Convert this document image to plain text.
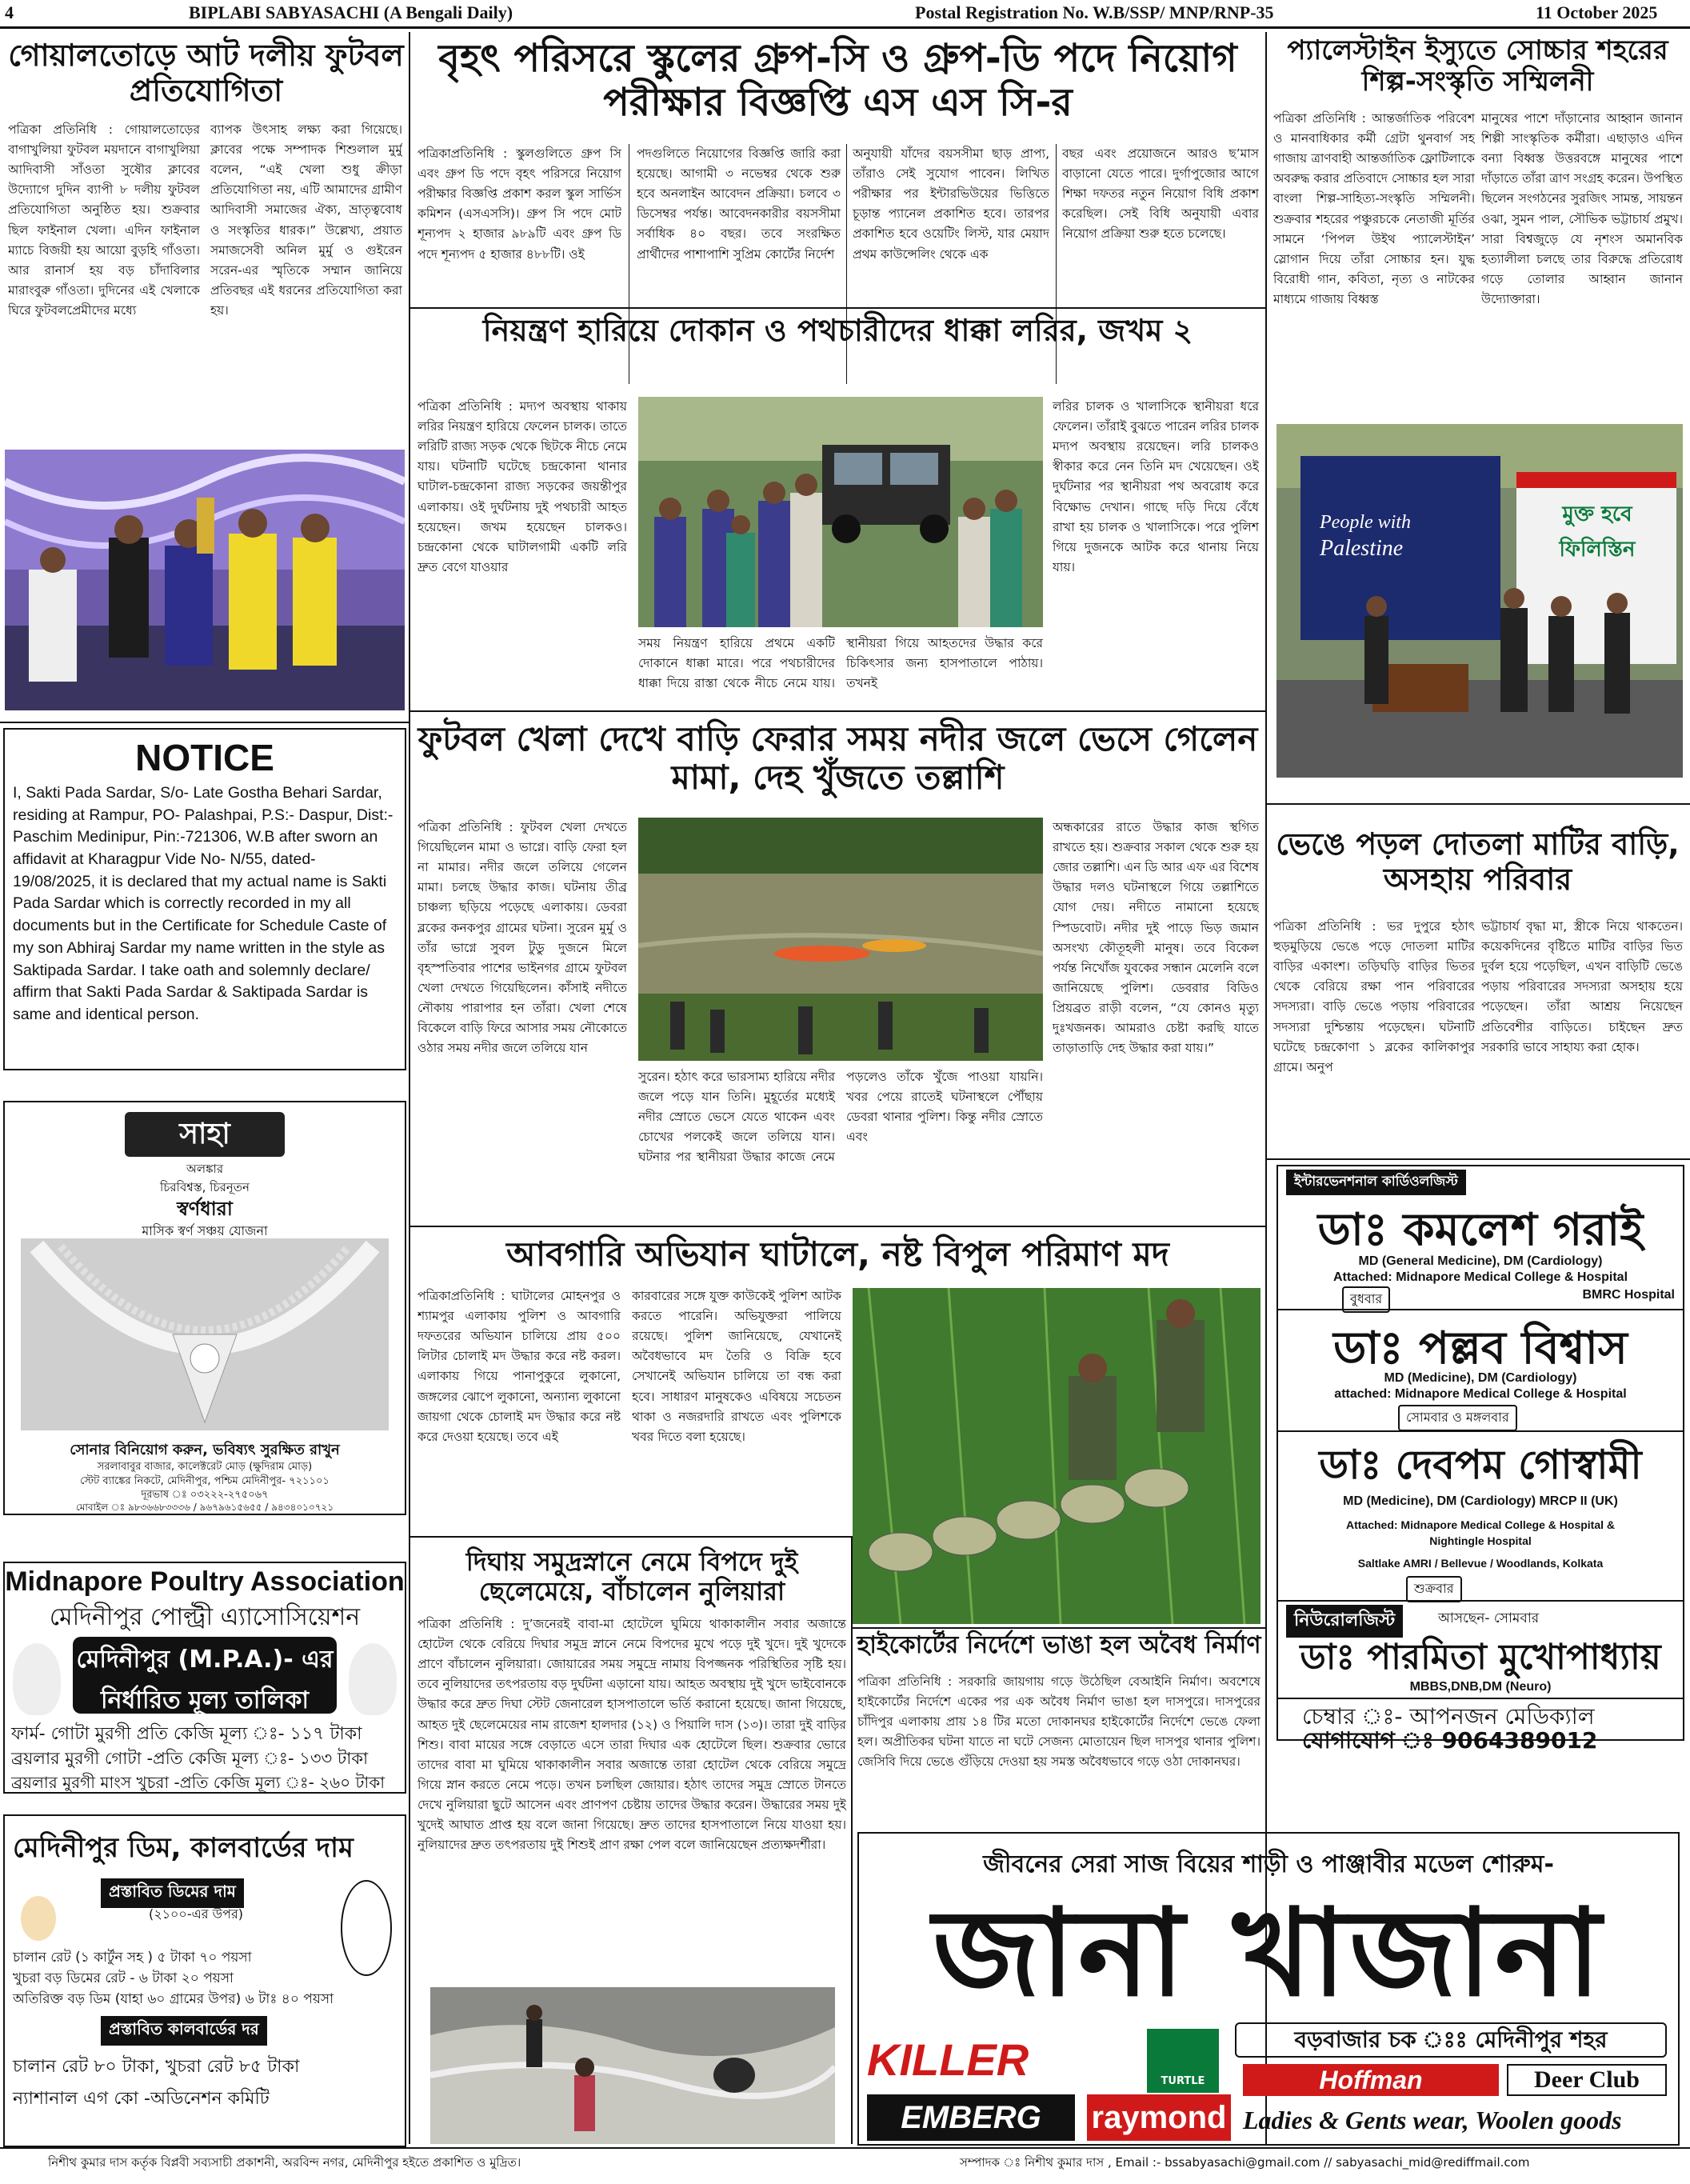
4	BIPLABI SABYASACHI (A Bengali Daily)	Postal Registration No. W.B/SSP/ MNP/RNP-35	11 October 2025
গোয়ালতোড়ে আট দলীয় ফুটবল প্রতিযোগিতা
পত্রিকা প্রতিনিধি : গোয়ালতোড়ের বাগাখুলিয়া ফুটবল ময়দানে বাগাখুলিয়া আদিবাসী সাঁওতা সুষৌর ক্লাবের উদ্যোগে দুদিন ব্যাপী ৮ দলীয় ফুটবল প্রতিযোগিতা অনুষ্ঠিত হয়। শুক্রবার ছিল ফাইনাল খেলা। এদিন ফাইনাল ম্যাচে বিজয়ী হয় আয়ো বুড়হি গাঁওতা। আর রানার্স হয় বড় চাঁদাবিলার মারাংবুরু গাঁওতা। দুদিনের এই খেলাকে ঘিরে ফুটবলপ্রেমীদের মধ্যে
ব্যাপক উৎসাহ লক্ষ্য করা গিয়েছে। ক্লাবের পক্ষে সম্পাদক শিশুলাল মুর্মু বলেন, “এই খেলা শুধু ক্রীড়া প্রতিযোগিতা নয়, এটি আমাদের গ্রামীণ আদিবাসী সমাজের ঐক্য, ভ্রাতৃত্ববোধ ও সংস্কৃতির ধারক।” উল্লেখ্য, প্রয়াত সমাজসেবী অনিল মুর্মু ও গুইরেন সরেন-এর স্মৃতিকে সম্মান জানিয়ে প্রতিবছর এই ধরনের প্রতিযোগিতা করা হয়।
NOTICE
I, Sakti Pada Sardar, S/o- Late Gostha Behari Sardar, residing at Rampur, PO- Palashpai, P.S:- Daspur, Dist:- Paschim Medinipur, Pin:-721306, W.B after sworn an affidavit at Kharagpur Vide No- N/55, dated-19/08/2025, it is declared that my actual name is Sakti Pada Sardar which is correctly recorded in my all documents but in the Certificate for Schedule Caste of my son Abhiraj Sardar my name written in the style as Saktipada Sardar. I take oath and solemnly declare/ affirm that Sakti Pada Sardar & Saktipada Sardar is same and identical person.
সাহা
অলঙ্কার
চিরবিশ্বস্ত, চিরনূতন
স্বর্ণধারা
মাসিক স্বর্ণ সঞ্চয় যোজনা
সোনার বিনিয়োগ করুন, ভবিষ্যৎ সুরক্ষিত রাখুন
সরলাবাবুর বাজার, কালেক্টরেট মোড় (ক্ষুদিরাম মোড়)
স্টেট ব্যাঙ্কের নিকটে, মেদিনীপুর, পশ্চিম মেদিনীপুর- ৭২১১০১
দূরভাষ ঃ ০৩২২২-২৭৫০৬৭
মোবাইল ঃ ৯৮৩৬৬৮৩৩৩৬ / ৯৬৭৯৬১৫৬৫৫ / ৯৪৩৪০১০৭২১
Midnapore Poultry Association
মেদিনীপুর পোল্ট্রী এ্যাসোসিয়েশন
মেদিনীপুর (M.P.A.)- এর
নির্ধারিত মূল্য তালিকা
ফার্ম- গোটা মুরগী প্রতি কেজি মূল্য ঃ- ১১৭ টাকা
ব্রয়লার মুরগী গোটা -প্রতি কেজি মূল্য ঃ- ১৩৩ টাকা
ব্রয়লার মুরগী মাংস খুচরা -প্রতি কেজি মূল্য ঃ- ২৬০ টাকা
মেদিনীপুর ডিম, কালবার্ডের দাম
প্রস্তাবিত ডিমের দাম
(২১০০-এর উপর)
চালান রেট (১ কার্টুন সহ ) ৫ টাকা ৭০ পয়সা
খুচরা বড় ডিমের রেট - ৬ টাকা ২০ পয়সা
অতিরিক্ত বড় ডিম (যাহা ৬০ গ্রামের উপর) ৬ টাঃ ৪০ পয়সা
প্রস্তাবিত কালবার্ডের দর
চালান রেট ৮০ টাকা, খুচরা রেট ৮৫ টাকা
ন্যাশানাল এগ কো -অডিনেশন কমিটি
বৃহৎ পরিসরে স্কুলের গ্রুপ-সি ও গ্রুপ-ডি পদে নিয়োগ পরীক্ষার বিজ্ঞপ্তি এস এস সি-র
পত্রিকাপ্রতিনিধি : স্কুলগুলিতে গ্রুপ সি এবং গ্রুপ ডি পদে বৃহৎ পরিসরে নিয়োগ পরীক্ষার বিজ্ঞপ্তি প্রকাশ করল স্কুল সার্ভিস কমিশন (এসএসসি)। গ্রুপ সি পদে মোট শূন্যপদ ২ হাজার ৯৮৯টি এবং গ্রুপ ডি পদে শূন্যপদ ৫ হাজার ৪৮৮টি। ওই
পদগুলিতে নিয়োগের বিজ্ঞপ্তি জারি করা হয়েছে। আগামী ৩ নভেম্বর থেকে শুরু হবে অনলাইন আবেদন প্রক্রিয়া। চলবে ৩ ডিসেম্বর পর্যন্ত। আবেদনকারীর বয়সসীমা সর্বাধিক ৪০ বছর। তবে সংরক্ষিত প্রার্থীদের পাশাপাশি সুপ্রিম কোর্টের নির্দেশ
অনুযায়ী যাঁদের বয়সসীমা ছাড় প্রাপ্য, তাঁরাও সেই সুযোগ পাবেন। লিখিত পরীক্ষার পর ইন্টারভিউয়ের ভিত্তিতে চূড়ান্ত প্যানেল প্রকাশিত হবে। তারপর প্রকাশিত হবে ওয়েটিং লিস্ট, যার মেয়াদ প্রথম কাউন্সেলিং থেকে এক
বছর এবং প্রয়োজনে আরও ছ’মাস বাড়ানো যেতে পারে। দুর্গাপুজোর আগে শিক্ষা দফতর নতুন নিয়োগ বিধি প্রকাশ করেছিল। সেই বিধি অনুযায়ী এবার নিয়োগ প্রক্রিয়া শুরু হতে চলেছে।
নিয়ন্ত্রণ হারিয়ে দোকান ও পথচারীদের ধাক্কা লরির, জখম ২
পত্রিকা প্রতিনিধি : মদ্যপ অবস্থায় থাকায় লরির নিয়ন্ত্রণ হারিয়ে ফেলেন চালক। তাতে লরিটি রাজ্য সড়ক থেকে ছিটকে নীচে নেমে যায়। ঘটনাটি ঘটেছে চন্দ্রকোনা থানার ঘাটাল-চন্দ্রকোনা রাজ্য সড়কের জয়ন্তীপুর এলাকায়। ওই দুর্ঘটনায় দুই পথচারী আহত হয়েছেন। জখম হয়েছেন চালকও। চন্দ্রকোনা থেকে ঘাটালগামী একটি লরি দ্রুত বেগে যাওয়ার
সময় নিয়ন্ত্রণ হারিয়ে প্রথমে একটি দোকানে ধাক্কা মারে। পরে পথচারীদের ধাক্কা দিয়ে রাস্তা থেকে নীচে নেমে যায়। স্থানীয়রা গিয়ে আহতদের উদ্ধার করে চিকিৎসার জন্য হাসপাতালে পাঠায়। তখনই
লরির চালক ও খালাসিকে স্থানীয়রা ধরে ফেলেন। তাঁরাই বুঝতে পারেন লরির চালক মদ্যপ অবস্থায় রয়েছেন। লরি চালকও স্বীকার করে নেন তিনি মদ খেয়েছেন। ওই দুর্ঘটনার পর স্থানীয়রা পথ অবরোধ করে বিক্ষোভ দেখান। গাছে দড়ি দিয়ে বেঁধে রাখা হয় চালক ও খালাসিকে। পরে পুলিশ গিয়ে দুজনকে আটক করে থানায় নিয়ে যায়।
ফুটবল খেলা দেখে বাড়ি ফেরার সময় নদীর জলে ভেসে গেলেন মামা, দেহ খুঁজতে তল্লাশি
পত্রিকা প্রতিনিধি : ফুটবল খেলা দেখতে গিয়েছিলেন মামা ও ভাগ্নে। বাড়ি ফেরা হল না মামার। নদীর জলে তলিয়ে গেলেন মামা। চলছে উদ্ধার কাজ। ঘটনায় তীব্র চাঞ্চল্য ছড়িয়ে পড়েছে এলাকায়। ডেবরা ব্লকের কনকপুর গ্রামের ঘটনা। সুরেন মুর্মু ও তাঁর ভাগ্নে সুবল টুডু দুজনে মিলে বৃহস্পতিবার পাশের ভাইনগর গ্রামে ফুটবল খেলা দেখতে গিয়েছিলেন। কাঁসাই নদীতে নৌকায় পারাপার হন তাঁরা। খেলা শেষে বিকেলে বাড়ি ফিরে আসার সময় নৌকোতে ওঠার সময় নদীর জলে তলিয়ে যান
সুরেন। হঠাৎ করে ভারসাম্য হারিয়ে নদীর জলে পড়ে যান তিনি। মুহূর্তের মধ্যেই নদীর স্রোতে ভেসে যেতে থাকেন এবং চোখের পলকেই জলে তলিয়ে যান। ঘটনার পর স্থানীয়রা উদ্ধার কাজে নেমে পড়লেও তাঁকে খুঁজে পাওয়া যায়নি। খবর পেয়ে রাতেই ঘটনাস্থলে পৌঁছায় ডেবরা থানার পুলিশ। কিন্তু নদীর স্রোতে এবং
অন্ধকারের রাতে উদ্ধার কাজ স্থগিত রাখতে হয়। শুক্রবার সকাল থেকে শুরু হয় জোর তল্লাশি। এন ডি আর এফ এর বিশেষ উদ্ধার দলও ঘটনাস্থলে গিয়ে তল্লাশিতে যোগ দেয়। নদীতে নামানো হয়েছে স্পিডবোট। নদীর দুই পাড়ে ভিড় জমান অসংখ্য কৌতূহলী মানুষ। তবে বিকেল পর্যন্ত নিখোঁজ যুবকের সন্ধান মেলেনি বলে জানিয়েছে পুলিশ। ডেবরার বিডিও প্রিয়ব্রত রাড়ী বলেন, “যে কোনও মৃত্যু দুঃখজনক। আমরাও চেষ্টা করছি যাতে তাড়াতাড়ি দেহ উদ্ধার করা যায়।”
আবগারি অভিযান ঘাটালে, নষ্ট বিপুল পরিমাণ মদ
পত্রিকাপ্রতিনিধি : ঘাটালের মোহনপুর ও শ্যামপুর এলাকায় পুলিশ ও আবগারি দফতরের অভিযান চালিয়ে প্রায় ৫০০ লিটার চোলাই মদ উদ্ধার করে নষ্ট করল। এলাকায় গিয়ে পানাপুকুরে লুকানো, জঙ্গলের ঝোপে লুকানো, অন্যান্য লুকানো জায়গা থেকে চোলাই মদ উদ্ধার করে নষ্ট করে দেওয়া হয়েছে। তবে এই
কারবারের সঙ্গে যুক্ত কাউকেই পুলিশ আটক করতে পারেনি। অভিযুক্তরা পালিয়ে রয়েছে। পুলিশ জানিয়েছে, যেখানেই অবৈধভাবে মদ তৈরি ও বিক্রি হবে সেখানেই অভিযান চালিয়ে তা বন্ধ করা হবে। সাধারণ মানুষকেও এবিষয়ে সচেতন থাকা ও নজরদারি রাখতে এবং পুলিশকে খবর দিতে বলা হয়েছে।
দিঘায় সমুদ্রস্নানে নেমে বিপদে দুই ছেলেমেয়ে, বাঁচালেন নুলিয়ারা
পত্রিকা প্রতিনিধি : দু’জনেরই বাবা-মা হোটেলে ঘুমিয়ে থাকাকালীন সবার অজান্তে হোটেল থেকে বেরিয়ে দিঘার সমুদ্র স্নানে নেমে বিপদের মুখে পড়ে দুই খুদে। দুই খুদেকে প্রাণে বাঁচালেন নুলিয়ারা। জোয়ারের সময় সমুদ্রে নামায় বিপজ্জনক পরিস্থিতির সৃষ্টি হয়। তবে নুলিয়াদের তৎপরতায় বড় দুর্ঘটনা এড়ানো যায়। আহত অবস্থায় দুই খুদে ভাইবোনকে উদ্ধার করে দ্রুত দিঘা স্টেট জেনারেল হাসপাতালে ভর্তি করানো হয়েছে। জানা গিয়েছে, আহত দুই ছেলেমেয়ের নাম রাজেশ হালদার (১২) ও পিয়ালি দাস (১৩)। তারা দুই বাড়ির শিশু। বাবা মায়ের সঙ্গে বেড়াতে এসে তারা দিঘার এক হোটেলে ছিল। শুক্রবার ভোরে তাদের বাবা মা ঘুমিয়ে থাকাকালীন সবার অজান্তে তারা হোটেল থেকে বেরিয়ে সমুদ্রে গিয়ে স্নান করতে নেমে পড়ে। তখন চলছিল জোয়ার। হঠাৎ তাদের সমুদ্র স্রোতে টানতে দেখে নুলিয়ারা ছুটে আসেন এবং প্রাণপণ চেষ্টায় তাদের উদ্ধার করেন। উদ্ধারের সময় দুই খুদেই আঘাত প্রাপ্ত হয় বলে জানা গিয়েছে। দ্রুত তাদের হাসপাতালে নিয়ে যাওয়া হয়। নুলিয়াদের দ্রুত তৎপরতায় দুই শিশুই প্রাণ রক্ষা পেল বলে জানিয়েছেন প্রত্যক্ষদর্শীরা।
হাইকোর্টের নির্দেশে ভাঙা হল অবৈধ নির্মাণ
পত্রিকা প্রতিনিধি : সরকারি জায়গায় গড়ে উঠেছিল বেআইনি নির্মাণ। অবশেষে হাইকোর্টের নির্দেশে একের পর এক অবৈধ নির্মাণ ভাঙা হল দাসপুরে। দাসপুরের চাঁদিপুর এলাকায় প্রায় ১৪ টির মতো দোকানঘর হাইকোর্টের নির্দেশে ভেঙে ফেলা হল। অপ্রীতিকর ঘটনা যাতে না ঘটে সেজন্য মোতায়েন ছিল দাসপুর থানার পুলিশ। জেসিবি দিয়ে ভেঙে গুঁড়িয়ে দেওয়া হয় সমস্ত অবৈধভাবে গড়ে ওঠা দোকানঘর।
জীবনের সেরা সাজ বিয়ের শাড়ী ও পাঞ্জাবীর মডেল শোরুম-
জানা খাজানা
KILLER	TURTLE
বড়বাজার চক ঃঃ মেদিনীপুর শহর
EMBERG	raymond
Hoffman	Deer Club
Ladies & Gents wear, Woolen goods
প্যালেস্টাইন ইস্যুতে সোচ্চার শহরের শিল্প-সংস্কৃতি সম্মিলনী
পত্রিকা প্রতিনিধি : আন্তর্জাতিক পরিবেশ ও মানবাধিকার কর্মী গ্রেটা থুনবার্গ সহ গাজায় ত্রাণবাহী আন্তর্জাতিক ফ্লোটিলাকে অবরুদ্ধ করার প্রতিবাদে সোচ্চার হল সারা বাংলা শিল্প-সাহিত্য-সংস্কৃতি সম্মিলনী। শুক্রবার শহরের পঞ্চুরচকে নেতাজী মূর্তির সামনে ‘পিপল উইথ প্যালেস্টাইন’ স্লোগান দিয়ে তাঁরা সোচ্চার হন। যুদ্ধ বিরোধী গান, কবিতা, নৃত্য ও নাটকের মাধ্যমে গাজায় বিধ্বস্ত
মানুষের পাশে দাঁড়ানোর আহ্বান জানান শিল্পী সাংস্কৃতিক কর্মীরা। এছাড়াও এদিন বন্যা বিধ্বস্ত উত্তরবঙ্গে মানুষের পাশে দাঁড়াতে তাঁরা ত্রাণ সংগ্রহ করেন। উপস্থিত ছিলেন সংগঠনের সুরজিৎ সামন্ত, সায়ন্তন ওঝা, সুমন পাল, সৌভিক ভট্টাচার্য প্রমুখ। সারা বিশ্বজুড়ে যে নৃশংস অমানবিক হত্যালীলা চলছে তার বিরুদ্ধে প্রতিরোধ গড়ে তোলার আহ্বান জানান উদ্যোক্তারা।
People with
Palestine
মুক্ত হবে ফিলিস্তিন
ভেঙে পড়ল দোতলা মাটির বাড়ি, অসহায় পরিবার
পত্রিকা প্রতিনিধি : ভর দুপুরে হঠাৎ হুড়মুড়িয়ে ভেঙে পড়ে দোতলা মাটির বাড়ির একাংশ। তড়িঘড়ি বাড়ির ভিতর থেকে বেরিয়ে রক্ষা পান পরিবারের সদস্যরা। বাড়ি ভেঙে পড়ায় পরিবারের সদস্যরা দুশ্চিন্তায় পড়েছেন। ঘটনাটি ঘটেছে চন্দ্রকোণা ১ ব্লকের কালিকাপুর গ্রামে। অনুপ
ভট্টাচার্য বৃদ্ধা মা, স্ত্রীকে নিয়ে থাকতেন। কয়েকদিনের বৃষ্টিতে মাটির বাড়ির ভিত দুর্বল হয়ে পড়েছিল, এখন বাড়িটি ভেঙে পড়ায় পরিবারের সদস্যরা অসহায় হয়ে পড়েছেন। তাঁরা আশ্রয় নিয়েছেন প্রতিবেশীর বাড়িতে। চাইছেন দ্রুত সরকারি ভাবে সাহায্য করা হোক।
ইন্টারভেনশনাল কার্ডিওলজিস্ট
ডাঃ কমলেশ গরাই
MD (General Medicine), DM (Cardiology)
Attached: Midnapore Medical College & Hospital
বুধবার	BMRC Hospital
ডাঃ পল্লব বিশ্বাস
MD (Medicine), DM (Cardiology)
attached: Midnapore Medical College & Hospital
সোমবার ও মঙ্গলবার
ডাঃ দেবপম গোস্বামী
MD (Medicine), DM (Cardiology) MRCP II (UK)
Attached: Midnapore Medical College & Hospital &
Nightingle Hospital
Saltlake AMRI / Bellevue / Woodlands, Kolkata
শুক্রবার
নিউরোলজিস্ট	আসছেন- সোমবার
ডাঃ পারমিতা মুখোপাধ্যায়
MBBS,DNB,DM (Neuro)
চেম্বার ঃ- আপনজন মেডিক্যাল
যোগাযোগ ঃ 9064389012
নিশীথ কুমার দাস কর্তৃক বিপ্লবী সব্যসাচী প্রকাশনী, অরবিন্দ নগর, মেদিনীপুর হইতে প্রকাশিত ও মুদ্রিত।	সম্পাদক ঃ নিশীথ কুমার দাস , Email :- bssabyasachi@gmail.com // sabyasachi_mid@rediffmail.com
